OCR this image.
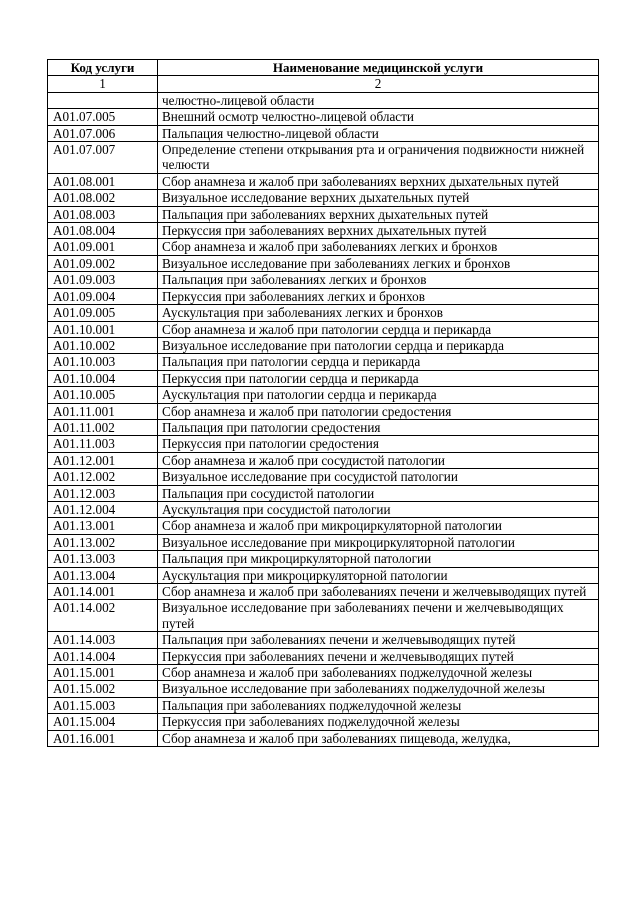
Код услуги	Наименование медицинской услуги
1	2
	челюстно-лицевой области
A01.07.005	Внешний осмотр челюстно-лицевой области
A01.07.006	Пальпация челюстно-лицевой области
A01.07.007	Определение степени открывания рта и ограничения подвижности нижней челюсти
A01.08.001	Сбор анамнеза и жалоб при заболеваниях верхних дыхательных путей
A01.08.002	Визуальное исследование верхних дыхательных путей
A01.08.003	Пальпация при заболеваниях верхних дыхательных путей
A01.08.004	Перкуссия при заболеваниях верхних дыхательных путей
A01.09.001	Сбор анамнеза и жалоб при заболеваниях легких и бронхов
A01.09.002	Визуальное исследование при заболеваниях легких и бронхов
A01.09.003	Пальпация при заболеваниях легких и бронхов
A01.09.004	Перкуссия при заболеваниях легких и бронхов
A01.09.005	Аускультация при заболеваниях легких и бронхов
A01.10.001	Сбор анамнеза и жалоб при патологии сердца и перикарда
A01.10.002	Визуальное исследование при патологии сердца и перикарда
A01.10.003	Пальпация при патологии сердца и перикарда
A01.10.004	Перкуссия при патологии сердца и перикарда
A01.10.005	Аускультация при патологии сердца и перикарда
A01.11.001	Сбор анамнеза и жалоб при патологии средостения
A01.11.002	Пальпация при патологии средостения
A01.11.003	Перкуссия при патологии средостения
A01.12.001	Сбор анамнеза и жалоб при сосудистой патологии
A01.12.002	Визуальное исследование при сосудистой патологии
A01.12.003	Пальпация при сосудистой патологии
A01.12.004	Аускультация при сосудистой патологии
A01.13.001	Сбор анамнеза и жалоб при микроциркуляторной патологии
A01.13.002	Визуальное исследование при микроциркуляторной патологии
A01.13.003	Пальпация при микроциркуляторной патологии
A01.13.004	Аускультация при микроциркуляторной патологии
A01.14.001	Сбор анамнеза и жалоб при заболеваниях печени и желчевыводящих путей
A01.14.002	Визуальное исследование при заболеваниях печени и желчевыводящих путей
A01.14.003	Пальпация при заболеваниях печени и желчевыводящих путей
A01.14.004	Перкуссия при заболеваниях печени и желчевыводящих путей
A01.15.001	Сбор анамнеза и жалоб при заболеваниях поджелудочной железы
A01.15.002	Визуальное исследование при заболеваниях поджелудочной железы
A01.15.003	Пальпация при заболеваниях поджелудочной железы
A01.15.004	Перкуссия при заболеваниях поджелудочной железы
A01.16.001	Сбор анамнеза и жалоб при заболеваниях пищевода, желудка,
